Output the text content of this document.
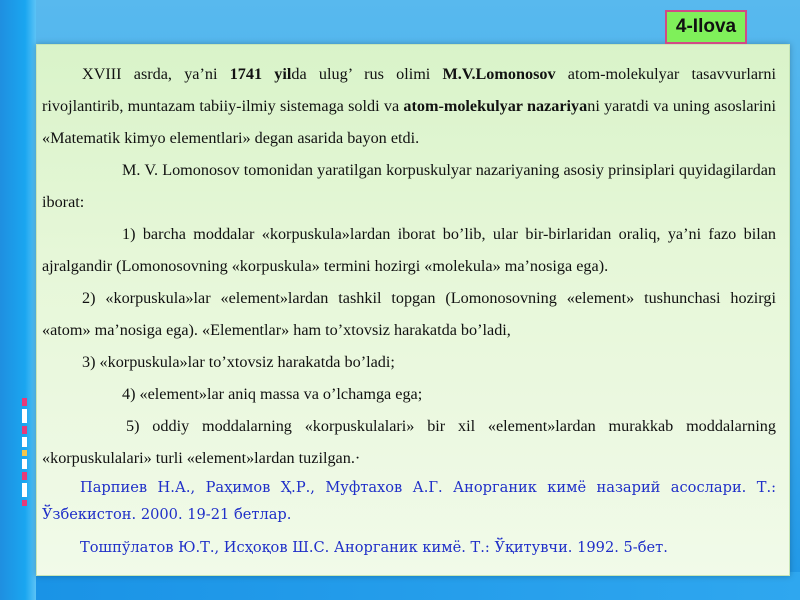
4-Ilova

XVIII asrda, ya’ni 1741 yilda ulug’ rus olimi M.V.Lomonosov atom-molekulyar tasavvurlarni rivojlantirib, muntazam tabiiy-ilmiy sistemaga soldi va atom-molekulyar nazariyani yaratdi va uning asoslarini «Matematik kimyo elementlari» degan asarida bayon etdi.

M. V. Lomonosov tomonidan yaratilgan korpuskulyar nazariyaning asosiy prinsiplari quyidagilardan iborat:

1) barcha moddalar «korpuskula»lardan iborat bo’lib, ular bir-birlaridan oraliq, ya’ni fazo bilan ajralgandir (Lomonosovning «korpuskula» termini hozirgi «molekula» ma’nosiga ega).

2) «korpuskula»lar «element»lardan tashkil topgan (Lomonosovning «element» tushunchasi hozirgi «atom» ma’nosiga ega). «Elementlar» ham to’xtovsiz harakatda bo’ladi,

3) «korpuskula»lar to’xtovsiz harakatda bo’ladi;

4) «element»lar aniq massa va o’lchamga ega;

5) oddiy moddalarning «korpuskulalari» bir xil «element»lardan murakkab moddalarning «korpuskulalari» turli «element»lardan tuzilgan.·

Парпиев Н.А., Раҳимов Ҳ.Р., Муфтахов А.Г. Анорганик кимё назарий асослари. Т.: Ўзбекистон. 2000. 19-21 бетлар.

Тошпўлатов Ю.Т., Исҳоқов Ш.С. Анорганик кимё. Т.: Ўқитувчи. 1992. 5-бет.
